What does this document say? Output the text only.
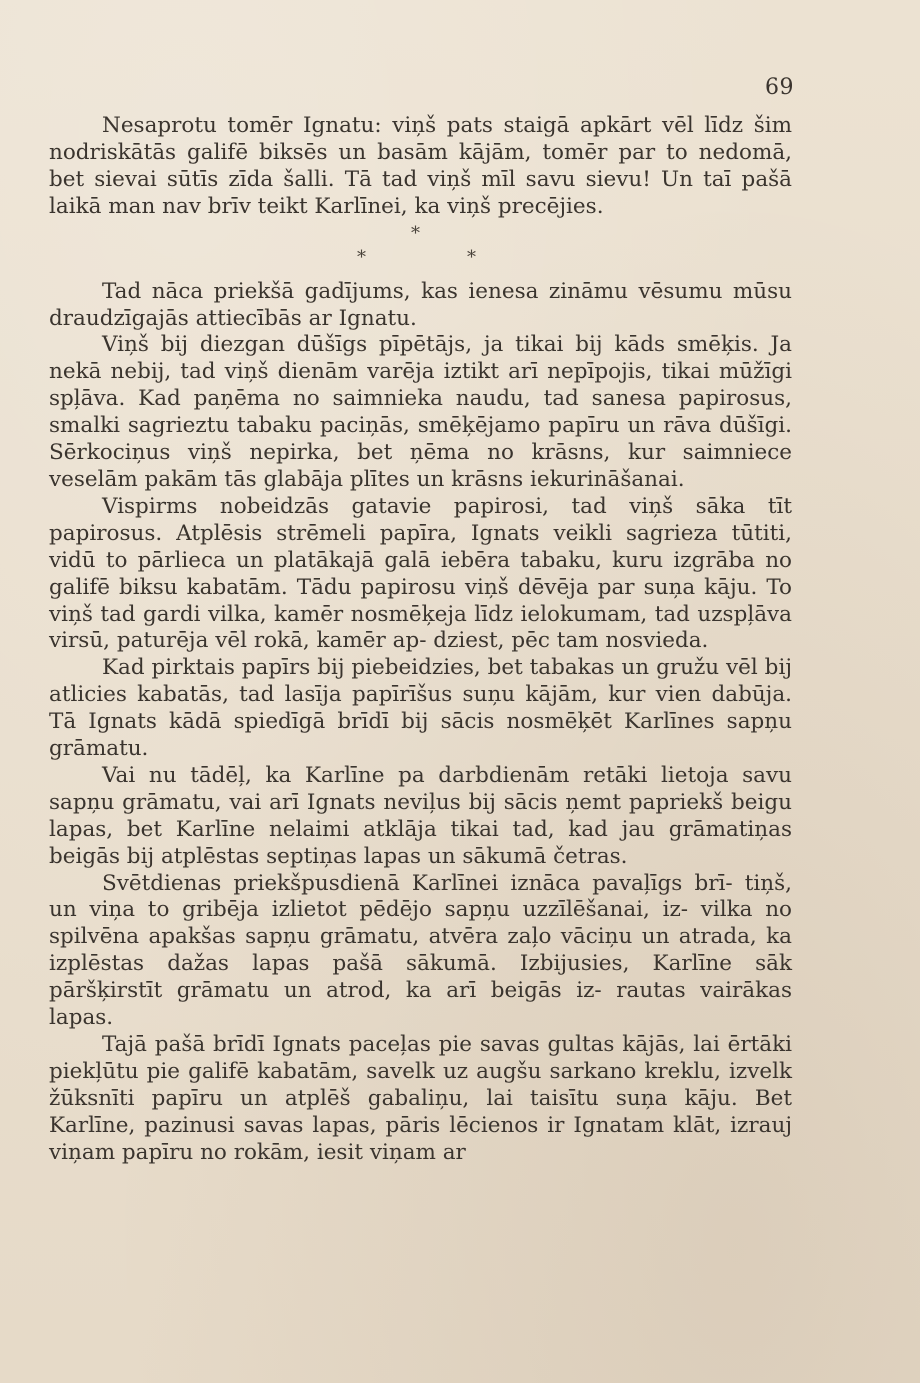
69

Nesaprotu tomēr Ignatu: viņš pats staigā apkārt vēl līdz šim nodriskātās galifē biksēs un basām kājām, tomēr par to nedomā, bet sievai sūtīs zīda šalli. Tā tad viņš mīl savu sievu! Un taī pašā laikā man nav brīv teikt Karlīnei, ka viņš precējies.

*
*	*

Tad nāca priekšā gadījums, kas ienesa zināmu vēsumu mūsu draudzīgajās attiecībās ar Ignatu.

Viņš bij diezgan dūšīgs pīpētājs, ja tikai bij kāds smēķis. Ja nekā nebij, tad viņš dienām varēja iztikt arī nepīpojis, tikai mūžīgi spļāva. Kad paņēma no saimnieka naudu, tad sanesa papirosus, smalki sagrieztu tabaku paciņās, smēķējamo papīru un rāva dūšīgi. Sērkociņus viņš nepirka, bet ņēma no krāsns, kur saimniece veselām pakām tās glabāja plītes un krāsns iekurināšanai.

Vispirms nobeidzās gatavie papirosi, tad viņš sāka tīt papirosus. Atplēsis strēmeli papīra, Ignats veikli sagrieza tūtiti, vidū to pārlieca un platākajā galā iebēra tabaku, kuru izgrāba no galifē biksu kabatām. Tādu papirosu viņš dēvēja par suņa kāju. To viņš tad gardi vilka, kamēr nosmēķeja līdz ielokumam, tad uzspļāva virsū, paturēja vēl rokā, kamēr ap- dziest, pēc tam nosvieda.

Kad pirktais papīrs bij piebeidzies, bet tabakas un gružu vēl bij atlicies kabatās, tad lasīja papīrīšus suņu kājām, kur vien dabūja. Tā Ignats kādā spiedīgā brīdī bij sācis nosmēķēt Karlīnes sapņu grāmatu.

Vai nu tādēļ, ka Karlīne pa darbdienām retāki lietoja savu sapņu grāmatu, vai arī Ignats neviļus bij sācis ņemt papriekš beigu lapas, bet Karlīne nelaimi atklāja tikai tad, kad jau grāmatiņas beigās bij atplēstas septiņas lapas un sākumā četras.

Svētdienas priekšpusdienā Karlīnei iznāca pavaļīgs brī- tiņš, un viņa to gribēja izlietot pēdējo sapņu uzzīlēšanai, iz- vilka no spilvēna apakšas sapņu grāmatu, atvēra zaļo vāciņu un atrada, ka izplēstas dažas lapas pašā sākumā. Izbijusies, Karlīne sāk pāršķirstīt grāmatu un atrod, ka arī beigās iz- rautas vairākas lapas.

Tajā pašā brīdī Ignats paceļas pie savas gultas kājās, lai ērtāki piekļūtu pie galifē kabatām, savelk uz augšu sarkano kreklu, izvelk žūksnīti papīru un atplēš gabaliņu, lai taisītu suņa kāju. Bet Karlīne, pazinusi savas lapas, pāris lēcienos ir Ignatam klāt, izrauj viņam papīru no rokām, iesit viņam ar
